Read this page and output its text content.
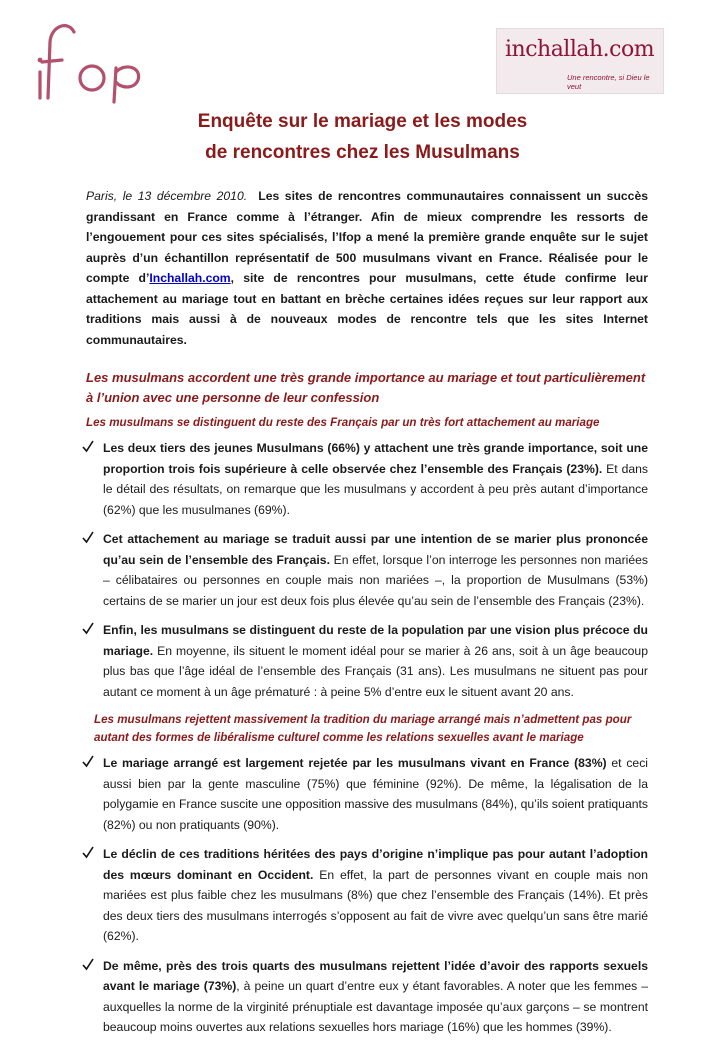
ifop
inchallah.com
Une rencontre, si Dieu le veut
Enquête sur le mariage et les modes
de rencontres chez les Musulmans

Paris, le 13 décembre 2010. Les sites de rencontres communautaires connaissent un succès grandissant en France comme à l’étranger. Afin de mieux comprendre les ressorts de l’engouement pour ces sites spécialisés, l’Ifop a mené la première grande enquête sur le sujet auprès d’un échantillon représentatif de 500 musulmans vivant en France. Réalisée pour le compte d’Inchallah.com, site de rencontres pour musulmans, cette étude confirme leur attachement au mariage tout en battant en brèche certaines idées reçues sur leur rapport aux traditions mais aussi à de nouveaux modes de rencontre tels que les sites Internet communautaires.

Les musulmans accordent une très grande importance au mariage et tout particulièrement à l’union avec une personne de leur confession
Les musulmans se distinguent du reste des Français par un très fort attachement au mariage
Les deux tiers des jeunes Musulmans (66%) y attachent une très grande importance, soit une proportion trois fois supérieure à celle observée chez l’ensemble des Français (23%). Et dans le détail des résultats, on remarque que les musulmans y accordent à peu près autant d’importance (62%) que les musulmanes (69%).
Cet attachement au mariage se traduit aussi par une intention de se marier plus prononcée qu’au sein de l’ensemble des Français. En effet, lorsque l’on interroge les personnes non mariées – célibataires ou personnes en couple mais non mariées –, la proportion de Musulmans (53%) certains de se marier un jour est deux fois plus élevée qu’au sein de l’ensemble des Français (23%).
Enfin, les musulmans se distinguent du reste de la population par une vision plus précoce du mariage. En moyenne, ils situent le moment idéal pour se marier à 26 ans, soit à un âge beaucoup plus bas que l’âge idéal de l’ensemble des Français (31 ans). Les musulmans ne situent pas pour autant ce moment à un âge prématuré : à peine 5% d’entre eux le situent avant 20 ans.
Les musulmans rejettent massivement la tradition du mariage arrangé mais n’admettent pas pour autant des formes de libéralisme culturel comme les relations sexuelles avant le mariage
Le mariage arrangé est largement rejetée par les musulmans vivant en France (83%) et ceci aussi bien par la gente masculine (75%) que féminine (92%). De même, la légalisation de la polygamie en France suscite une opposition massive des musulmans (84%), qu’ils soient pratiquants (82%) ou non pratiquants (90%).
Le déclin de ces traditions héritées des pays d’origine n’implique pas pour autant l’adoption des mœurs dominant en Occident. En effet, la part de personnes vivant en couple mais non mariées est plus faible chez les musulmans (8%) que chez l’ensemble des Français (14%). Et près des deux tiers des musulmans interrogés s’opposent au fait de vivre avec quelqu’un sans être marié (62%).
De même, près des trois quarts des musulmans rejettent l’idée d’avoir des rapports sexuels avant le mariage (73%), à peine un quart d’entre eux y étant favorables. A noter que les femmes – auxquelles la norme de la virginité prénuptiale est davantage imposée qu’aux garçons – se montrent beaucoup moins ouvertes aux relations sexuelles hors mariage (16%) que les hommes (39%).
